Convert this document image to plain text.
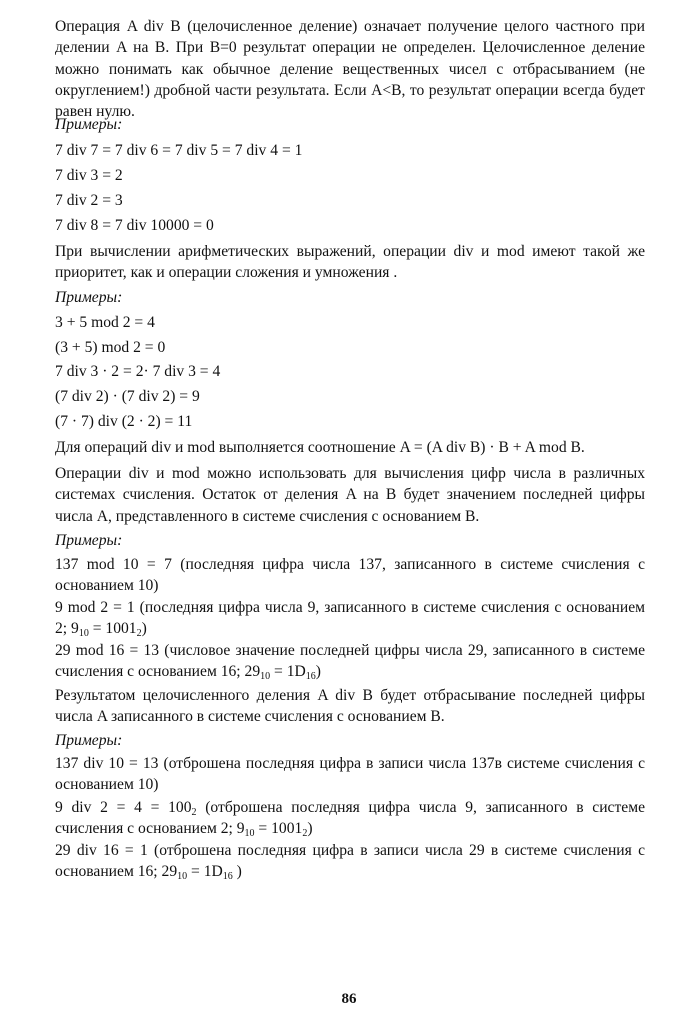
Операция A div B (целочисленное деление) означает получение целого частного при делении A на B. При B=0 результат операции не определен. Целочисленное деление можно понимать как обычное деление вещественных чисел с отбрасыванием (не округлением!) дробной части результата. Если A<B, то результат операции всегда будет равен нулю.
Примеры:
7 div 7 = 7 div 6 = 7 div 5 = 7 div 4 = 1
7 div 3 = 2
7 div 2 = 3
7 div 8 = 7 div 10000 = 0
При вычислении арифметических выражений, операции div и mod имеют такой же приоритет, как и операции сложения и умножения .
Примеры:
3 + 5 mod 2 = 4
(3 + 5) mod 2 = 0
7 div 3 · 2 = 2· 7 div 3 = 4
(7 div 2) · (7 div 2) = 9
(7 · 7) div (2 · 2) = 11
Для операций div и mod выполняется соотношение A = (A div B) · B + A mod B.
Операции div и mod можно использовать для вычисления цифр числа в различных системах счисления. Остаток от деления A на B будет значением последней цифры числа A, представленного в системе счисления с основанием B.
Примеры:
137 mod 10 = 7 (последняя цифра числа 137, записанного в системе счисления с основанием 10)
9 mod 2 = 1 (последняя цифра числа 9, записанного в системе счисления с основанием 2; $9_{10} = 1001_2$)
29 mod 16 = 13 (числовое значение последней цифры числа 29, записанного в системе счисления с основанием 16; $29_{10} = 1D_{16}$)
Результатом целочисленного деления A div B будет отбрасывание последней цифры числа A записанного в системе счисления с основанием B.
Примеры:
137 div 10 = 13 (отброшена последняя цифра в записи числа 137в системе счисления с основанием 10)
9 div $2 = 4 = 100_2$ (отброшена последняя цифра числа 9, записанного в системе счисления с основанием 2; $9_{10} = 1001_2$)
29 div 16 = 1 (отброшена последняя цифра в записи числа 29 в системе счисления с основанием 16; $29_{10} = 1D_{16}$ )
86
